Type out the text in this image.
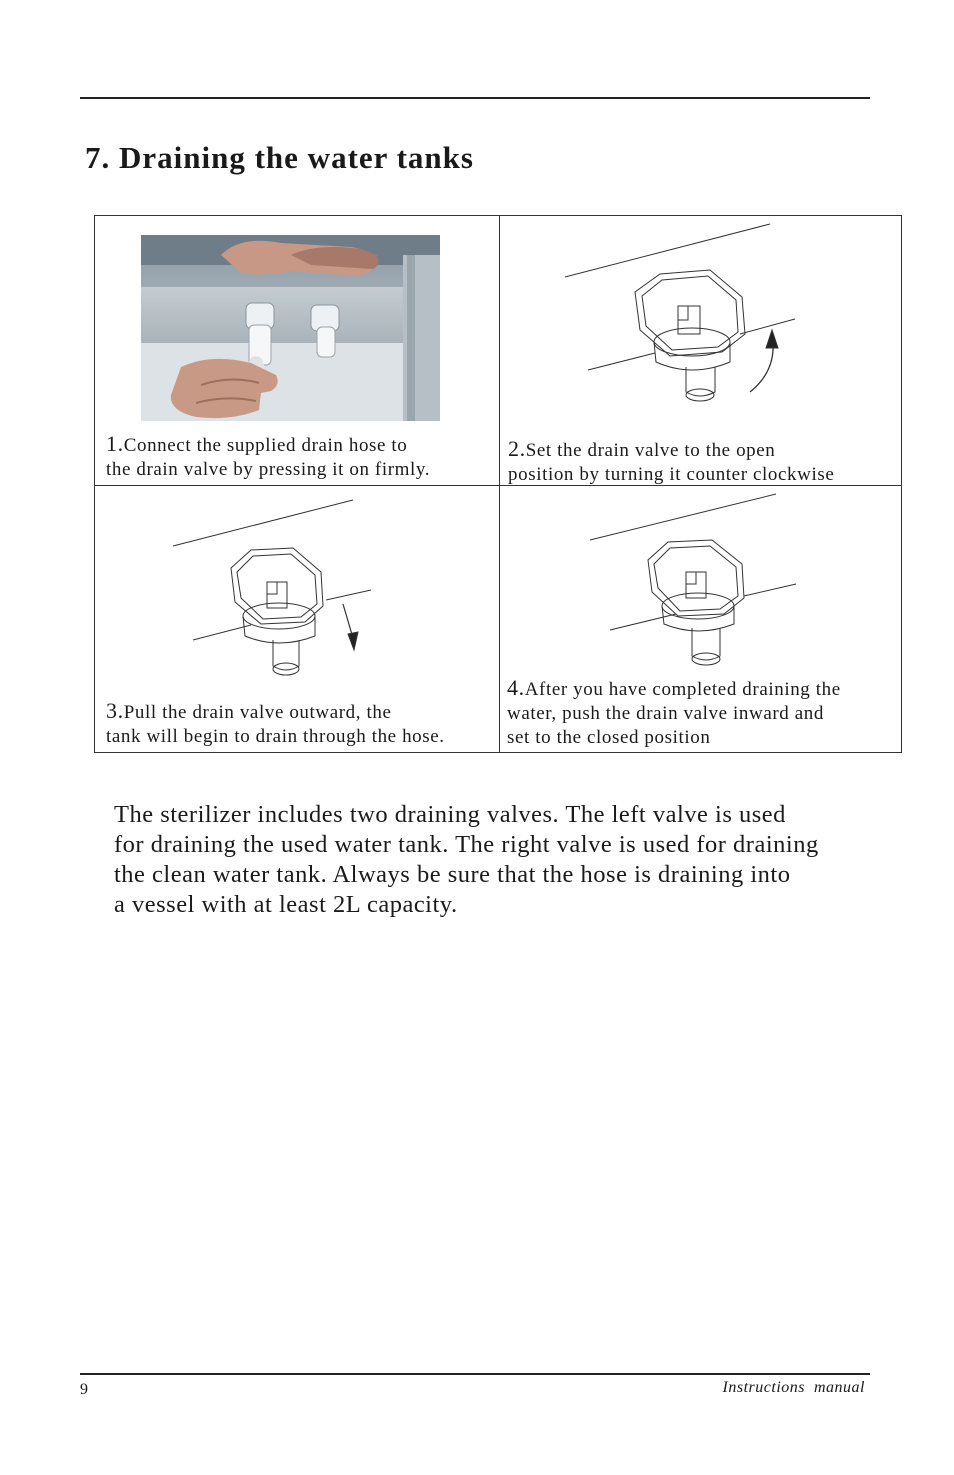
7. Draining the water tanks

1.Connect the supplied drain hose to
the drain valve by pressing it on firmly.

2.Set the drain valve to the open
position by turning it counter clockwise

3.Pull the drain valve outward, the
tank will begin to drain through the hose.

4.After you have completed draining the
water, push the drain valve inward and
set to the closed position

The sterilizer includes two draining valves. The left valve is used
for draining the used water tank. The right valve is used for draining
the clean water tank. Always be sure that the hose is draining into
a vessel with at least 2L capacity.

9	Instructions  manual
